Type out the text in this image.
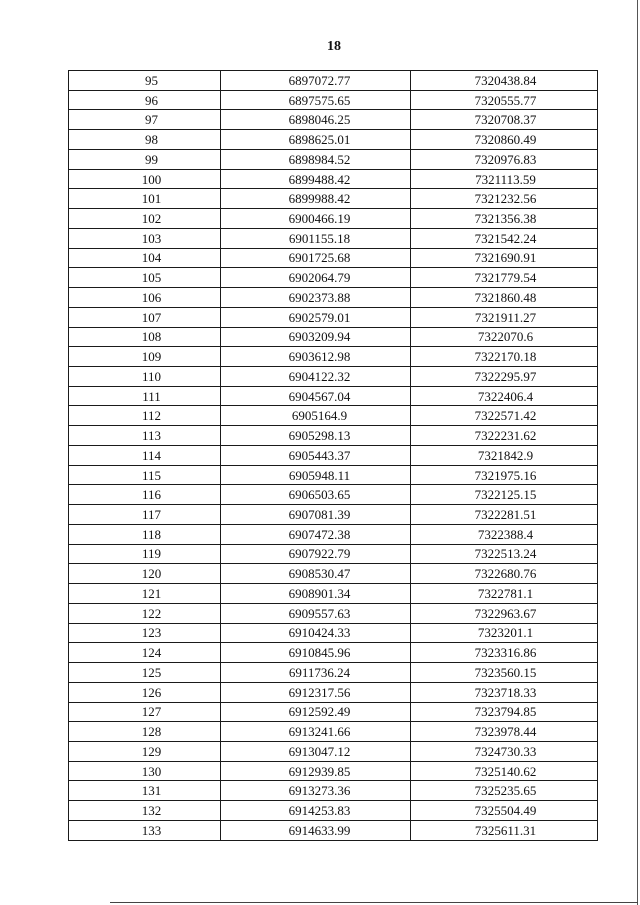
18
95	6897072.77	7320438.84
96	6897575.65	7320555.77
97	6898046.25	7320708.37
98	6898625.01	7320860.49
99	6898984.52	7320976.83
100	6899488.42	7321113.59
101	6899988.42	7321232.56
102	6900466.19	7321356.38
103	6901155.18	7321542.24
104	6901725.68	7321690.91
105	6902064.79	7321779.54
106	6902373.88	7321860.48
107	6902579.01	7321911.27
108	6903209.94	7322070.6
109	6903612.98	7322170.18
110	6904122.32	7322295.97
111	6904567.04	7322406.4
112	6905164.9	7322571.42
113	6905298.13	7322231.62
114	6905443.37	7321842.9
115	6905948.11	7321975.16
116	6906503.65	7322125.15
117	6907081.39	7322281.51
118	6907472.38	7322388.4
119	6907922.79	7322513.24
120	6908530.47	7322680.76
121	6908901.34	7322781.1
122	6909557.63	7322963.67
123	6910424.33	7323201.1
124	6910845.96	7323316.86
125	6911736.24	7323560.15
126	6912317.56	7323718.33
127	6912592.49	7323794.85
128	6913241.66	7323978.44
129	6913047.12	7324730.33
130	6912939.85	7325140.62
131	6913273.36	7325235.65
132	6914253.83	7325504.49
133	6914633.99	7325611.31
